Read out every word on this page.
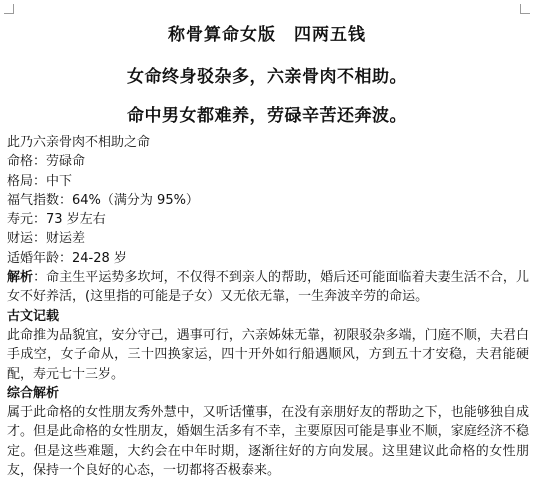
称骨算命女版　四两五钱
女命终身驳杂多，六亲骨肉不相助。
命中男女都难养，劳碌辛苦还奔波。
此乃六亲骨肉不相助之命
命格：劳碌命
格局：中下
福气指数：64%（满分为 95%）
寿元：73 岁左右
财运：财运差
适婚年龄：24-28 岁
解析：命主生平运势多坎坷，不仅得不到亲人的帮助，婚后还可能面临着夫妻生活不合，儿女不好养活，(这里指的可能是子女）又无依无靠，一生奔波辛劳的命运。
古文记载
此命推为品貌宜，安分守己，遇事可行，六亲姊妹无靠，初限驳杂多端，门庭不顺，夫君白手成空，女子命从，三十四换家运，四十开外如行船遇顺风，方到五十才安稳，夫君能硬配，寿元七十三岁。
综合解析
属于此命格的女性朋友秀外慧中，又听话懂事，在没有亲朋好友的帮助之下，也能够独自成才。但是此命格的女性朋友，婚姻生活多有不幸，主要原因可能是事业不顺，家庭经济不稳定。但是这些难题，大约会在中年时期，逐渐往好的方向发展。这里建议此命格的女性朋友，保持一个良好的心态，一切都将否极泰来。
